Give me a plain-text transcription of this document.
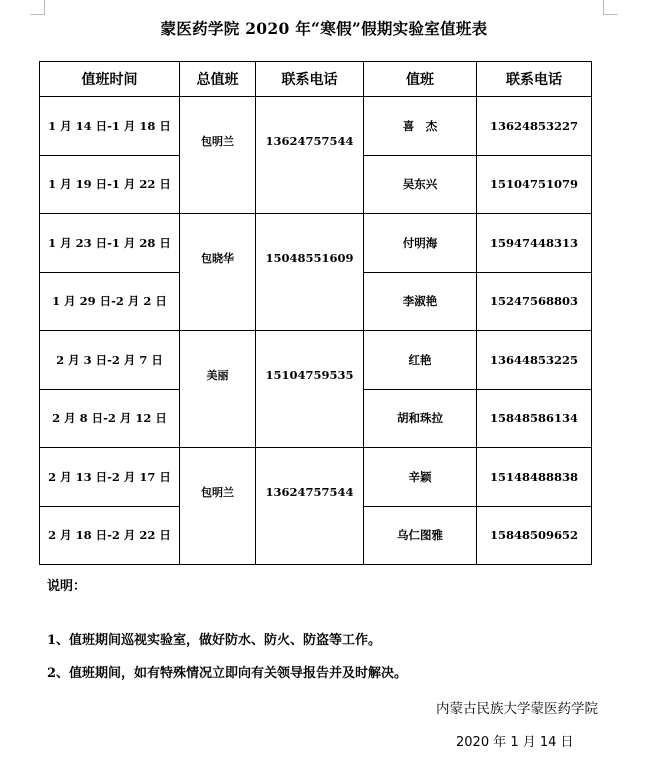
蒙医药学院 2020 年“寒假”假期实验室值班表
值班时间	总值班	联系电话	值班	联系电话
1 月 14 日-1 月 18 日	包明兰	13624757544	喜　杰	13624853227
1 月 19 日-1 月 22 日			吴东兴	15104751079
1 月 23 日-1 月 28 日	包晓华	15048551609	付明海	15947448313
1 月 29 日-2 月 2 日			李淑艳	15247568803
2 月 3 日-2 月 7 日	美丽	15104759535	红艳	13644853225
2 月 8 日-2 月 12 日			胡和珠拉	15848586134
2 月 13 日-2 月 17 日	包明兰	13624757544	辛颖	15148488838
2 月 18 日-2 月 22 日			乌仁图雅	15848509652
说明：
1、值班期间巡视实验室，做好防水、防火、防盗等工作。
2、值班期间，如有特殊情况立即向有关领导报告并及时解决。
内蒙古民族大学蒙医药学院
2020 年 1 月 14 日
